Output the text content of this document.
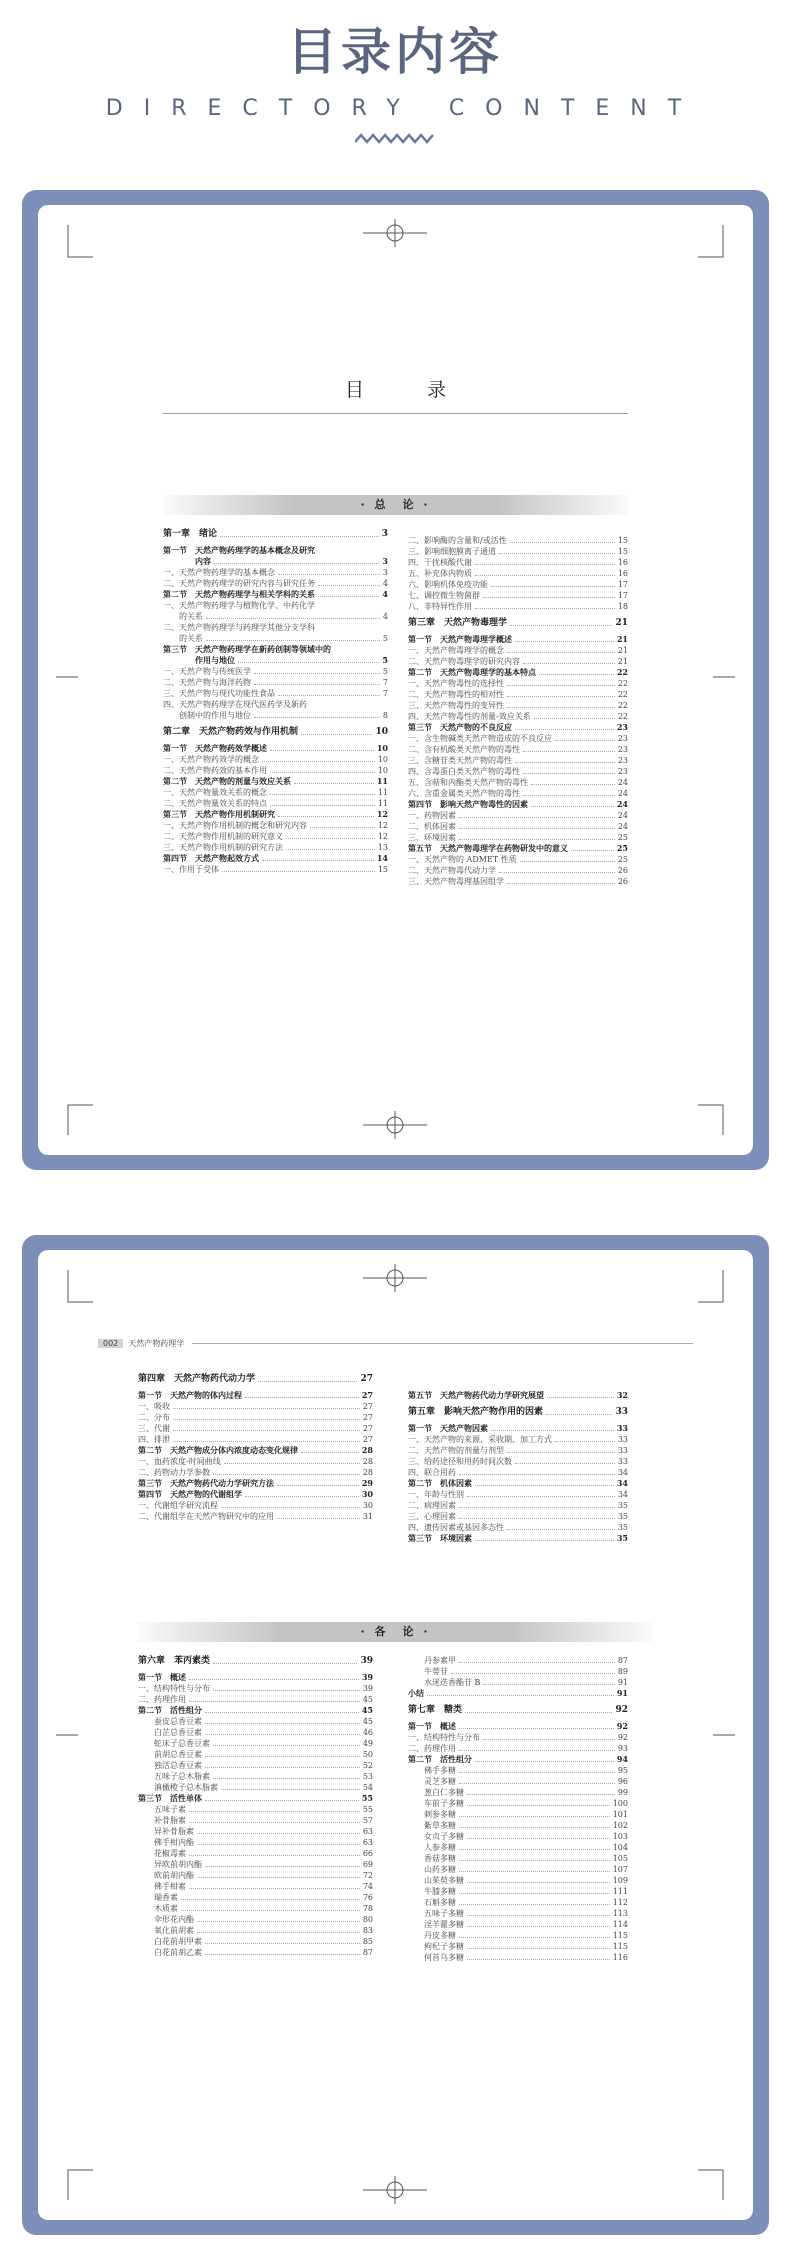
目录内容
DIRECTORY CONTENT
目　录
· 总　论 ·
第一章　绪论	3
第一节　天然产物药理学的基本概念及研究
　　　　内容	3
一、天然产物药理学的基本概念	3
二、天然产物药理学的研究内容与研究任务	4
第二节　天然产物药理学与相关学科的关系	4
一、天然产物药理学与植物化学、中药化学
　　的关系	4
二、天然产物药理学与药理学其他分支学科
　　的关系	5
第三节　天然产物药理学在新药创制等领域中的
　　　　作用与地位	5
一、天然产物与传统医学	5
二、天然产物与海洋药物	7
三、天然产物与现代功能性食品	7
四、天然产物药理学在现代医药学及新药
　　创制中的作用与地位	8
第二章　天然产物药效与作用机制	10
第一节　天然产物药效学概述	10
一、天然产物药效学的概念	10
二、天然产物药效的基本作用	10
第二节　天然产物的剂量与效应关系	11
一、天然产物量效关系的概念	11
二、天然产物量效关系的特点	11
第三节　天然产物作用机制研究	12
一、天然产物作用机制的概念和研究内容	12
二、天然产物作用机制的研究意义	12
三、天然产物作用机制的研究方法	13
第四节　天然产物起效方式	14
一、作用于受体	15
二、影响酶的含量和/或活性	15
三、影响细胞膜离子通道	15
四、干扰核酸代谢	16
五、补充体内物质	16
六、影响机体免疫功能	17
七、调控微生物菌群	17
八、非特异性作用	18
第三章　天然产物毒理学	21
第一节　天然产物毒理学概述	21
一、天然产物毒理学的概念	21
二、天然产物毒理学的研究内容	21
第二节　天然产物毒理学的基本特点	22
一、天然产物毒性的选择性	22
二、天然产物毒性的相对性	22
三、天然产物毒性的变异性	22
四、天然产物毒性的剂量-效应关系	22
第三节　天然产物的不良反应	23
一、含生物碱类天然产物造成的不良反应	23
二、含有机酸类天然产物的毒性	23
三、含糖苷类天然产物的毒性	23
四、含毒蛋白类天然产物的毒性	23
五、含萜和内酯类天然产物的毒性	24
六、含重金属类天然产物的毒性	24
第四节　影响天然产物毒性的因素	24
一、药物因素	24
二、机体因素	24
三、环境因素	25
第五节　天然产物毒理学在药物研发中的意义	25
一、天然产物的 ADMET 性质	25
二、天然产物毒代动力学	26
三、天然产物毒理基因组学	26
002	天然产物药理学
第四章　天然产物药代动力学	27
第一节　天然产物的体内过程	27
一、吸收	27
二、分布	27
三、代谢	27
四、排泄	27
第二节　天然产物成分体内浓度动态变化规律	28
一、血药浓度-时间曲线	28
二、药物动力学参数	28
第三节　天然产物药代动力学研究方法	29
第四节　天然产物的代谢组学	30
一、代谢组学研究流程	30
二、代谢组学在天然产物研究中的应用	31
第五节　天然产物药代动力学研究展望	32
第五章　影响天然产物作用的因素	33
第一节　天然产物因素	33
一、天然产物的来源、采收期、加工方式	33
二、天然产物的剂量与剂型	33
三、给药途径和用药时间次数	33
四、联合用药	34
第二节　机体因素	34
一、年龄与性别	34
二、病理因素	35
三、心理因素	35
四、遗传因素或基因多态性	35
第三节　环境因素	35
· 各　论 ·
第六章　苯丙素类	39
第一节　概述	39
一、结构特性与分布	39
二、药理作用	45
第二节　活性组分	45
　　蚕皮总香豆素	45
　　白芷总香豆素	46
　　蛇床子总香豆素	49
　　前胡总香豆素	50
　　独活总香豆素	52
　　五味子总木脂素	53
　　滇橄榄子总木脂素	54
第三节　活性单体	55
　　五味子素	55
　　补骨脂素	57
　　异补骨脂素	63
　　佛手柑内酯	63
　　花椒毒素	66
　　异欧前胡内酯	69
　　欧前胡内酯	72
　　佛手柑素	74
　　瑞香素	76
　　木质素	78
　　伞形花内酯	80
　　氧化前胡素	83
　　白花前胡甲素	85
　　白花前胡乙素	87
　　丹参素甲	87
　　牛蒡苷	89
　　水迷迭香酯苷 B	91
小结	91
第七章　糖类	92
第一节　概述	92
一、结构特性与分布	92
二、药理作用	93
第二节　活性组分	94
　　佛手多糖	95
　　灵芝多糖	96
　　葱白仁多糖	99
　　车前子多糖	100
　　刺参多糖	101
　　紫草多糖	102
　　女贞子多糖	103
　　人参多糖	104
　　香菇多糖	105
　　山药多糖	107
　　山茱萸多糖	109
　　牛膝多糖	111
　　石斛多糖	112
　　五味子多糖	113
　　淫羊藿多糖	114
　　丹皮多糖	115
　　枸杞子多糖	115
　　何首乌多糖	116
